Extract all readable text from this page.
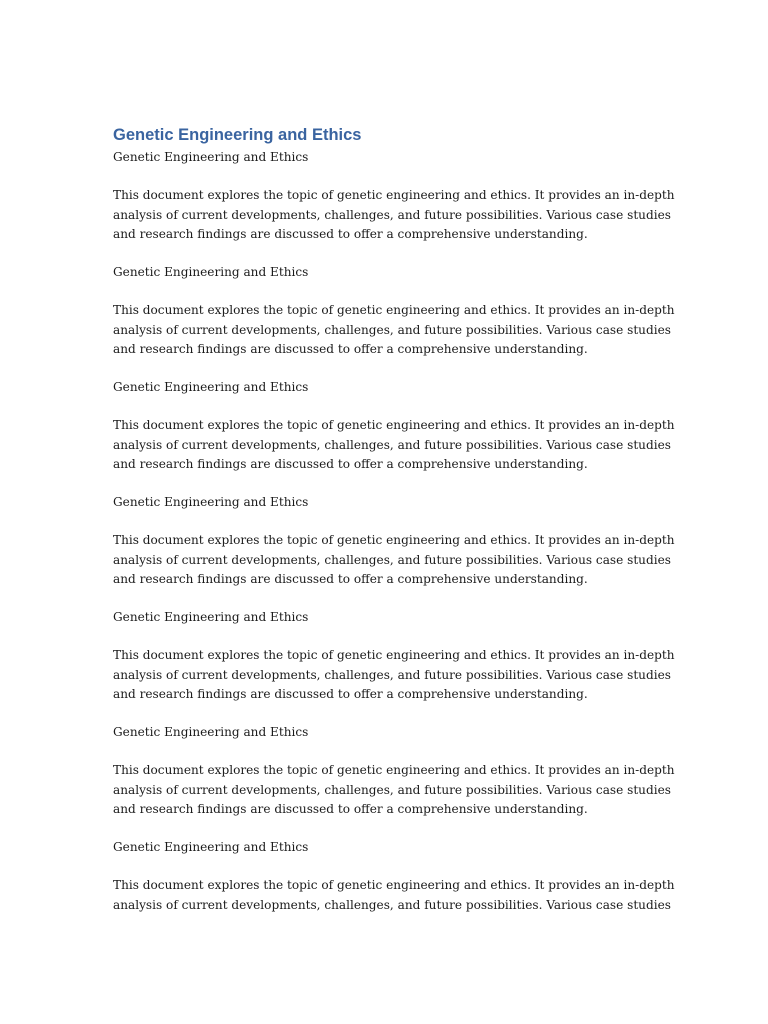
Genetic Engineering and Ethics

Genetic Engineering and Ethics

This document explores the topic of genetic engineering and ethics. It provides an in-depth
analysis of current developments, challenges, and future possibilities. Various case studies
and research findings are discussed to offer a comprehensive understanding.

Genetic Engineering and Ethics

This document explores the topic of genetic engineering and ethics. It provides an in-depth
analysis of current developments, challenges, and future possibilities. Various case studies
and research findings are discussed to offer a comprehensive understanding.

Genetic Engineering and Ethics

This document explores the topic of genetic engineering and ethics. It provides an in-depth
analysis of current developments, challenges, and future possibilities. Various case studies
and research findings are discussed to offer a comprehensive understanding.

Genetic Engineering and Ethics

This document explores the topic of genetic engineering and ethics. It provides an in-depth
analysis of current developments, challenges, and future possibilities. Various case studies
and research findings are discussed to offer a comprehensive understanding.

Genetic Engineering and Ethics

This document explores the topic of genetic engineering and ethics. It provides an in-depth
analysis of current developments, challenges, and future possibilities. Various case studies
and research findings are discussed to offer a comprehensive understanding.

Genetic Engineering and Ethics

This document explores the topic of genetic engineering and ethics. It provides an in-depth
analysis of current developments, challenges, and future possibilities. Various case studies
and research findings are discussed to offer a comprehensive understanding.

Genetic Engineering and Ethics

This document explores the topic of genetic engineering and ethics. It provides an in-depth
analysis of current developments, challenges, and future possibilities. Various case studies
